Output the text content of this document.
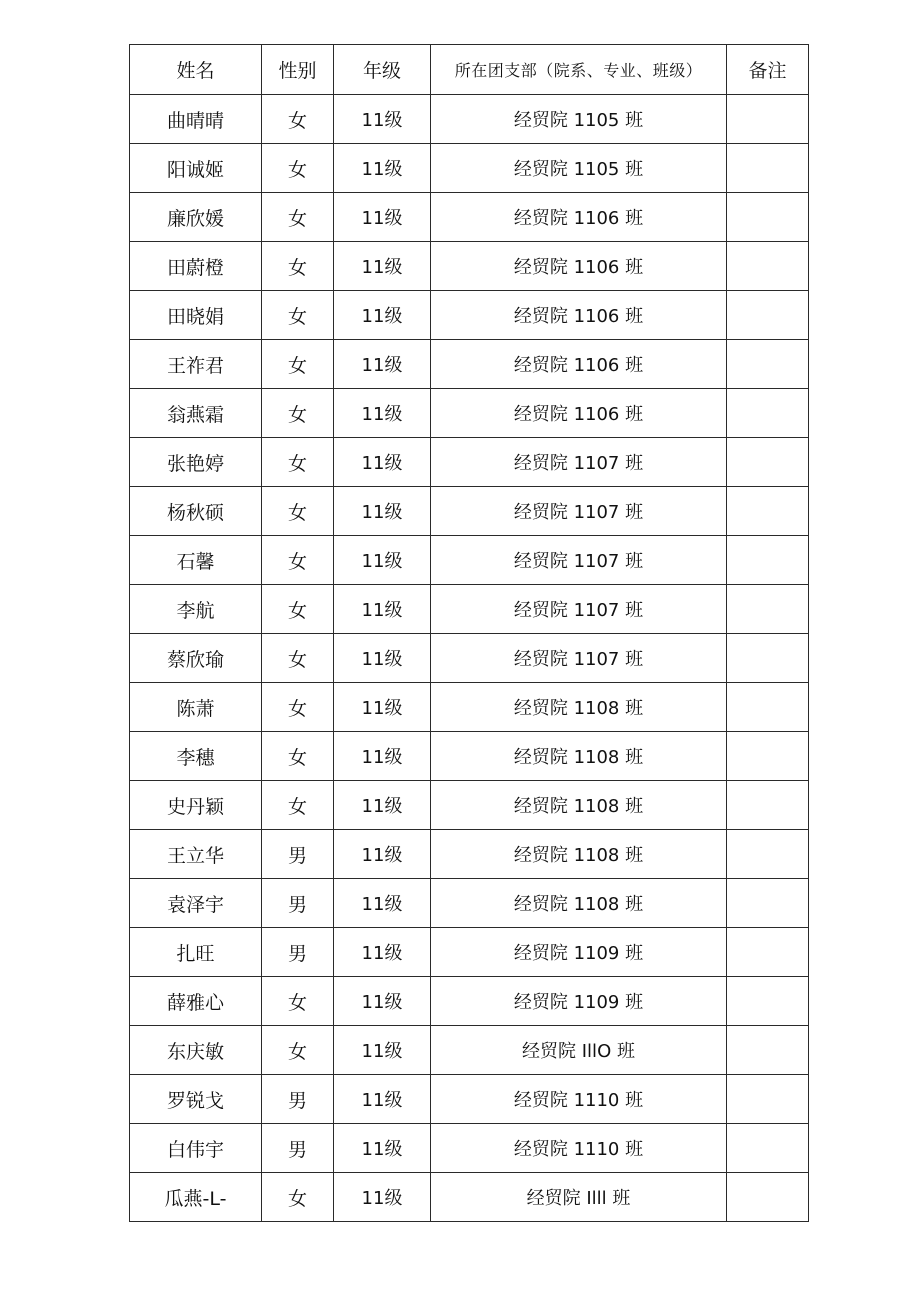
姓名	性别	年级	所在团支部（院系、专业、班级）	备注
曲晴晴	女	11级	经贸院 1105 班	
阳诚姬	女	11级	经贸院 1105 班	
廉欣媛	女	11级	经贸院 1106 班	
田蔚橙	女	11级	经贸院 1106 班	
田晓娟	女	11级	经贸院 1106 班	
王祚君	女	11级	经贸院 1106 班	
翁燕霜	女	11级	经贸院 1106 班	
张艳婷	女	11级	经贸院 1107 班	
杨秋硕	女	11级	经贸院 1107 班	
石馨	女	11级	经贸院 1107 班	
李航	女	11级	经贸院 1107 班	
蔡欣瑜	女	11级	经贸院 1107 班	
陈萧	女	11级	经贸院 1108 班	
李穗	女	11级	经贸院 1108 班	
史丹颖	女	11级	经贸院 1108 班	
王立华	男	11级	经贸院 1108 班	
袁泽宇	男	11级	经贸院 1108 班	
扎旺	男	11级	经贸院 1109 班	
薛雅心	女	11级	经贸院 1109 班	
东庆敏	女	11级	经贸院 IllO 班	
罗锐戈	男	11级	经贸院 1110 班	
白伟宇	男	11级	经贸院 1110 班	
瓜燕-L-	女	11级	经贸院 Illl 班	
